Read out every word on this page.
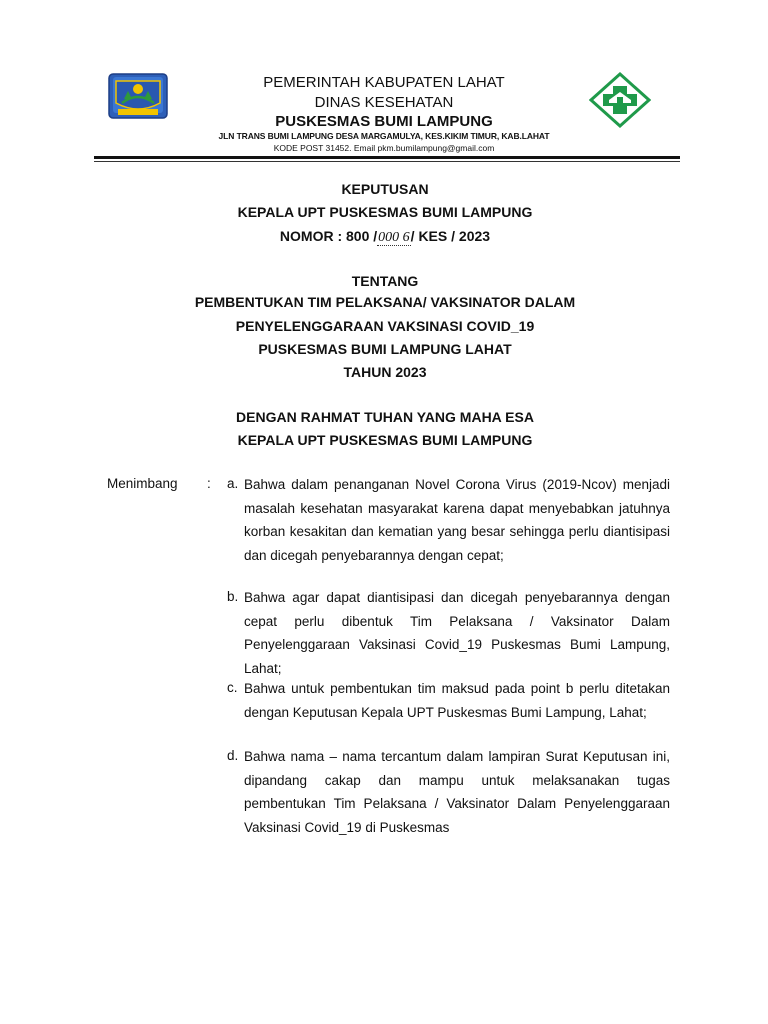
PEMERINTAH KABUPATEN LAHAT

DINAS KESEHATAN

PUSKESMAS BUMI LAMPUNG

JLN TRANS BUMI LAMPUNG DESA MARGAMULYA, KES.KIKIM TIMUR, KAB.LAHAT

KODE POST 31452. Email pkm.bumilampung@gmail.com

KEPUTUSAN

KEPALA UPT PUSKESMAS BUMI LAMPUNG

NOMOR : 800 /000 6/ KES / 2023

TENTANG

PEMBENTUKAN TIM PELAKSANA/ VAKSINATOR DALAM

PENYELENGGARAAN VAKSINASI COVID_19

PUSKESMAS BUMI LAMPUNG LAHAT

TAHUN 2023

DENGAN RAHMAT TUHAN YANG MAHA ESA

KEPALA UPT PUSKESMAS BUMI LAMPUNG

Menimbang : a. Bahwa dalam penanganan Novel Corona Virus (2019-Ncov) menjadi masalah kesehatan masyarakat karena dapat menyebabkan jatuhnya korban kesakitan dan kematian yang besar sehingga perlu diantisipasi dan dicegah penyebarannya dengan cepat;

b. Bahwa agar dapat diantisipasi dan dicegah penyebarannya dengan cepat perlu dibentuk Tim Pelaksana / Vaksinator Dalam Penyelenggaraan Vaksinasi Covid_19 Puskesmas Bumi Lampung, Lahat;

c. Bahwa untuk pembentukan tim maksud pada point b perlu ditetakan dengan Keputusan Kepala UPT Puskesmas Bumi Lampung, Lahat;

d. Bahwa nama – nama tercantum dalam lampiran Surat Keputusan ini, dipandang cakap dan mampu untuk melaksanakan tugas pembentukan Tim Pelaksana / Vaksinator Dalam Penyelenggaraan Vaksinasi Covid_19 di Puskesmas
